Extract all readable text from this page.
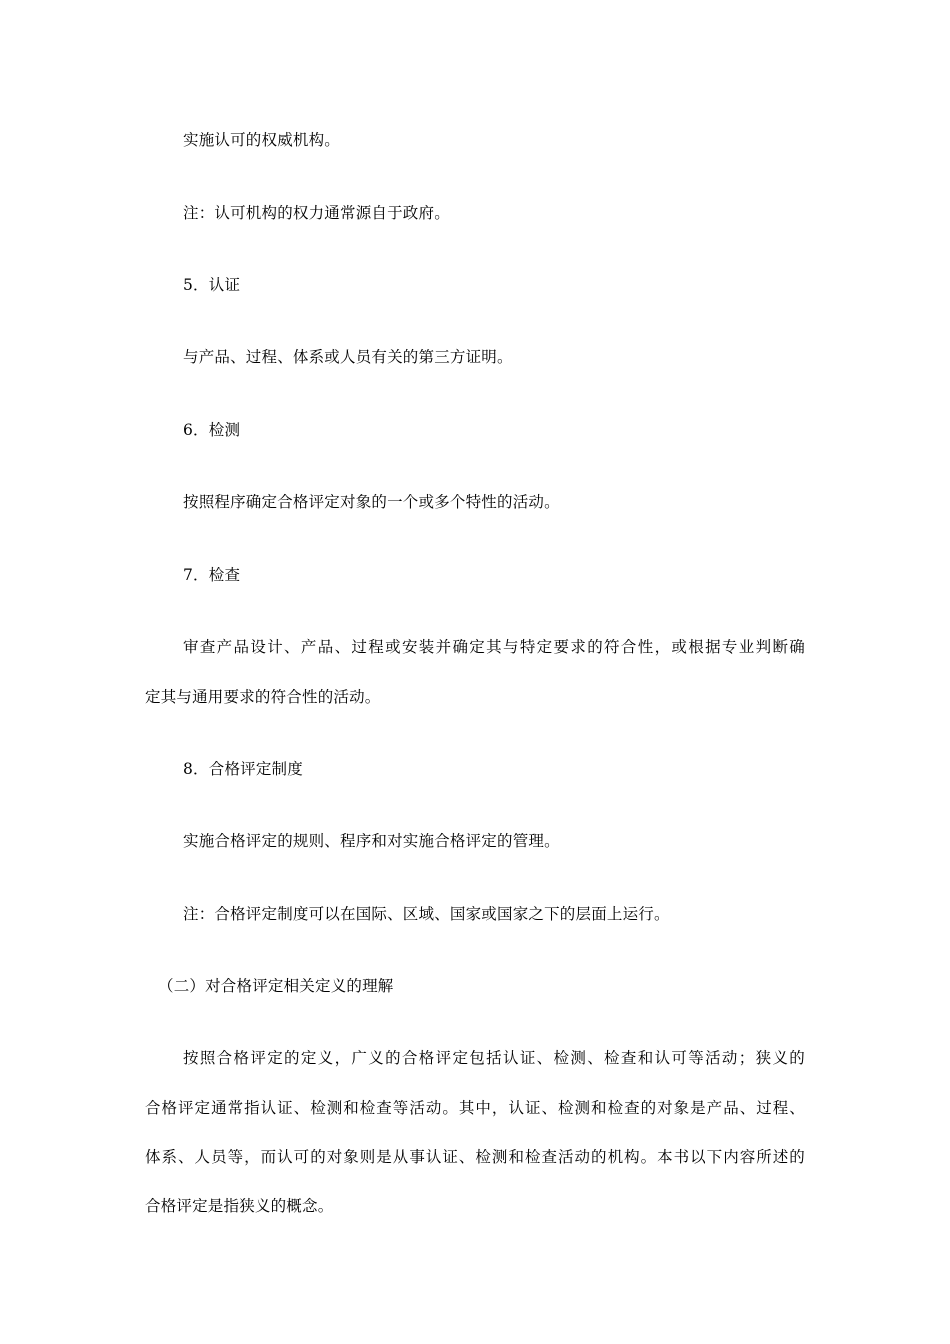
实施认可的权威机构。
注：认可机构的权力通常源自于政府。
5．认证
与产品、过程、体系或人员有关的第三方证明。
6．检测
按照程序确定合格评定对象的一个或多个特性的活动。
7．检查
审查产品设计、产品、过程或安装并确定其与特定要求的符合性，或根据专业判断确
定其与通用要求的符合性的活动。
8．合格评定制度
实施合格评定的规则、程序和对实施合格评定的管理。
注：合格评定制度可以在国际、区域、国家或国家之下的层面上运行。
（二）对合格评定相关定义的理解
按照合格评定的定义，广义的合格评定包括认证、检测、检查和认可等活动；狭义的
合格评定通常指认证、检测和检查等活动。其中，认证、检测和检查的对象是产品、过程、
体系、人员等，而认可的对象则是从事认证、检测和检查活动的机构。本书以下内容所述的
合格评定是指狭义的概念。
